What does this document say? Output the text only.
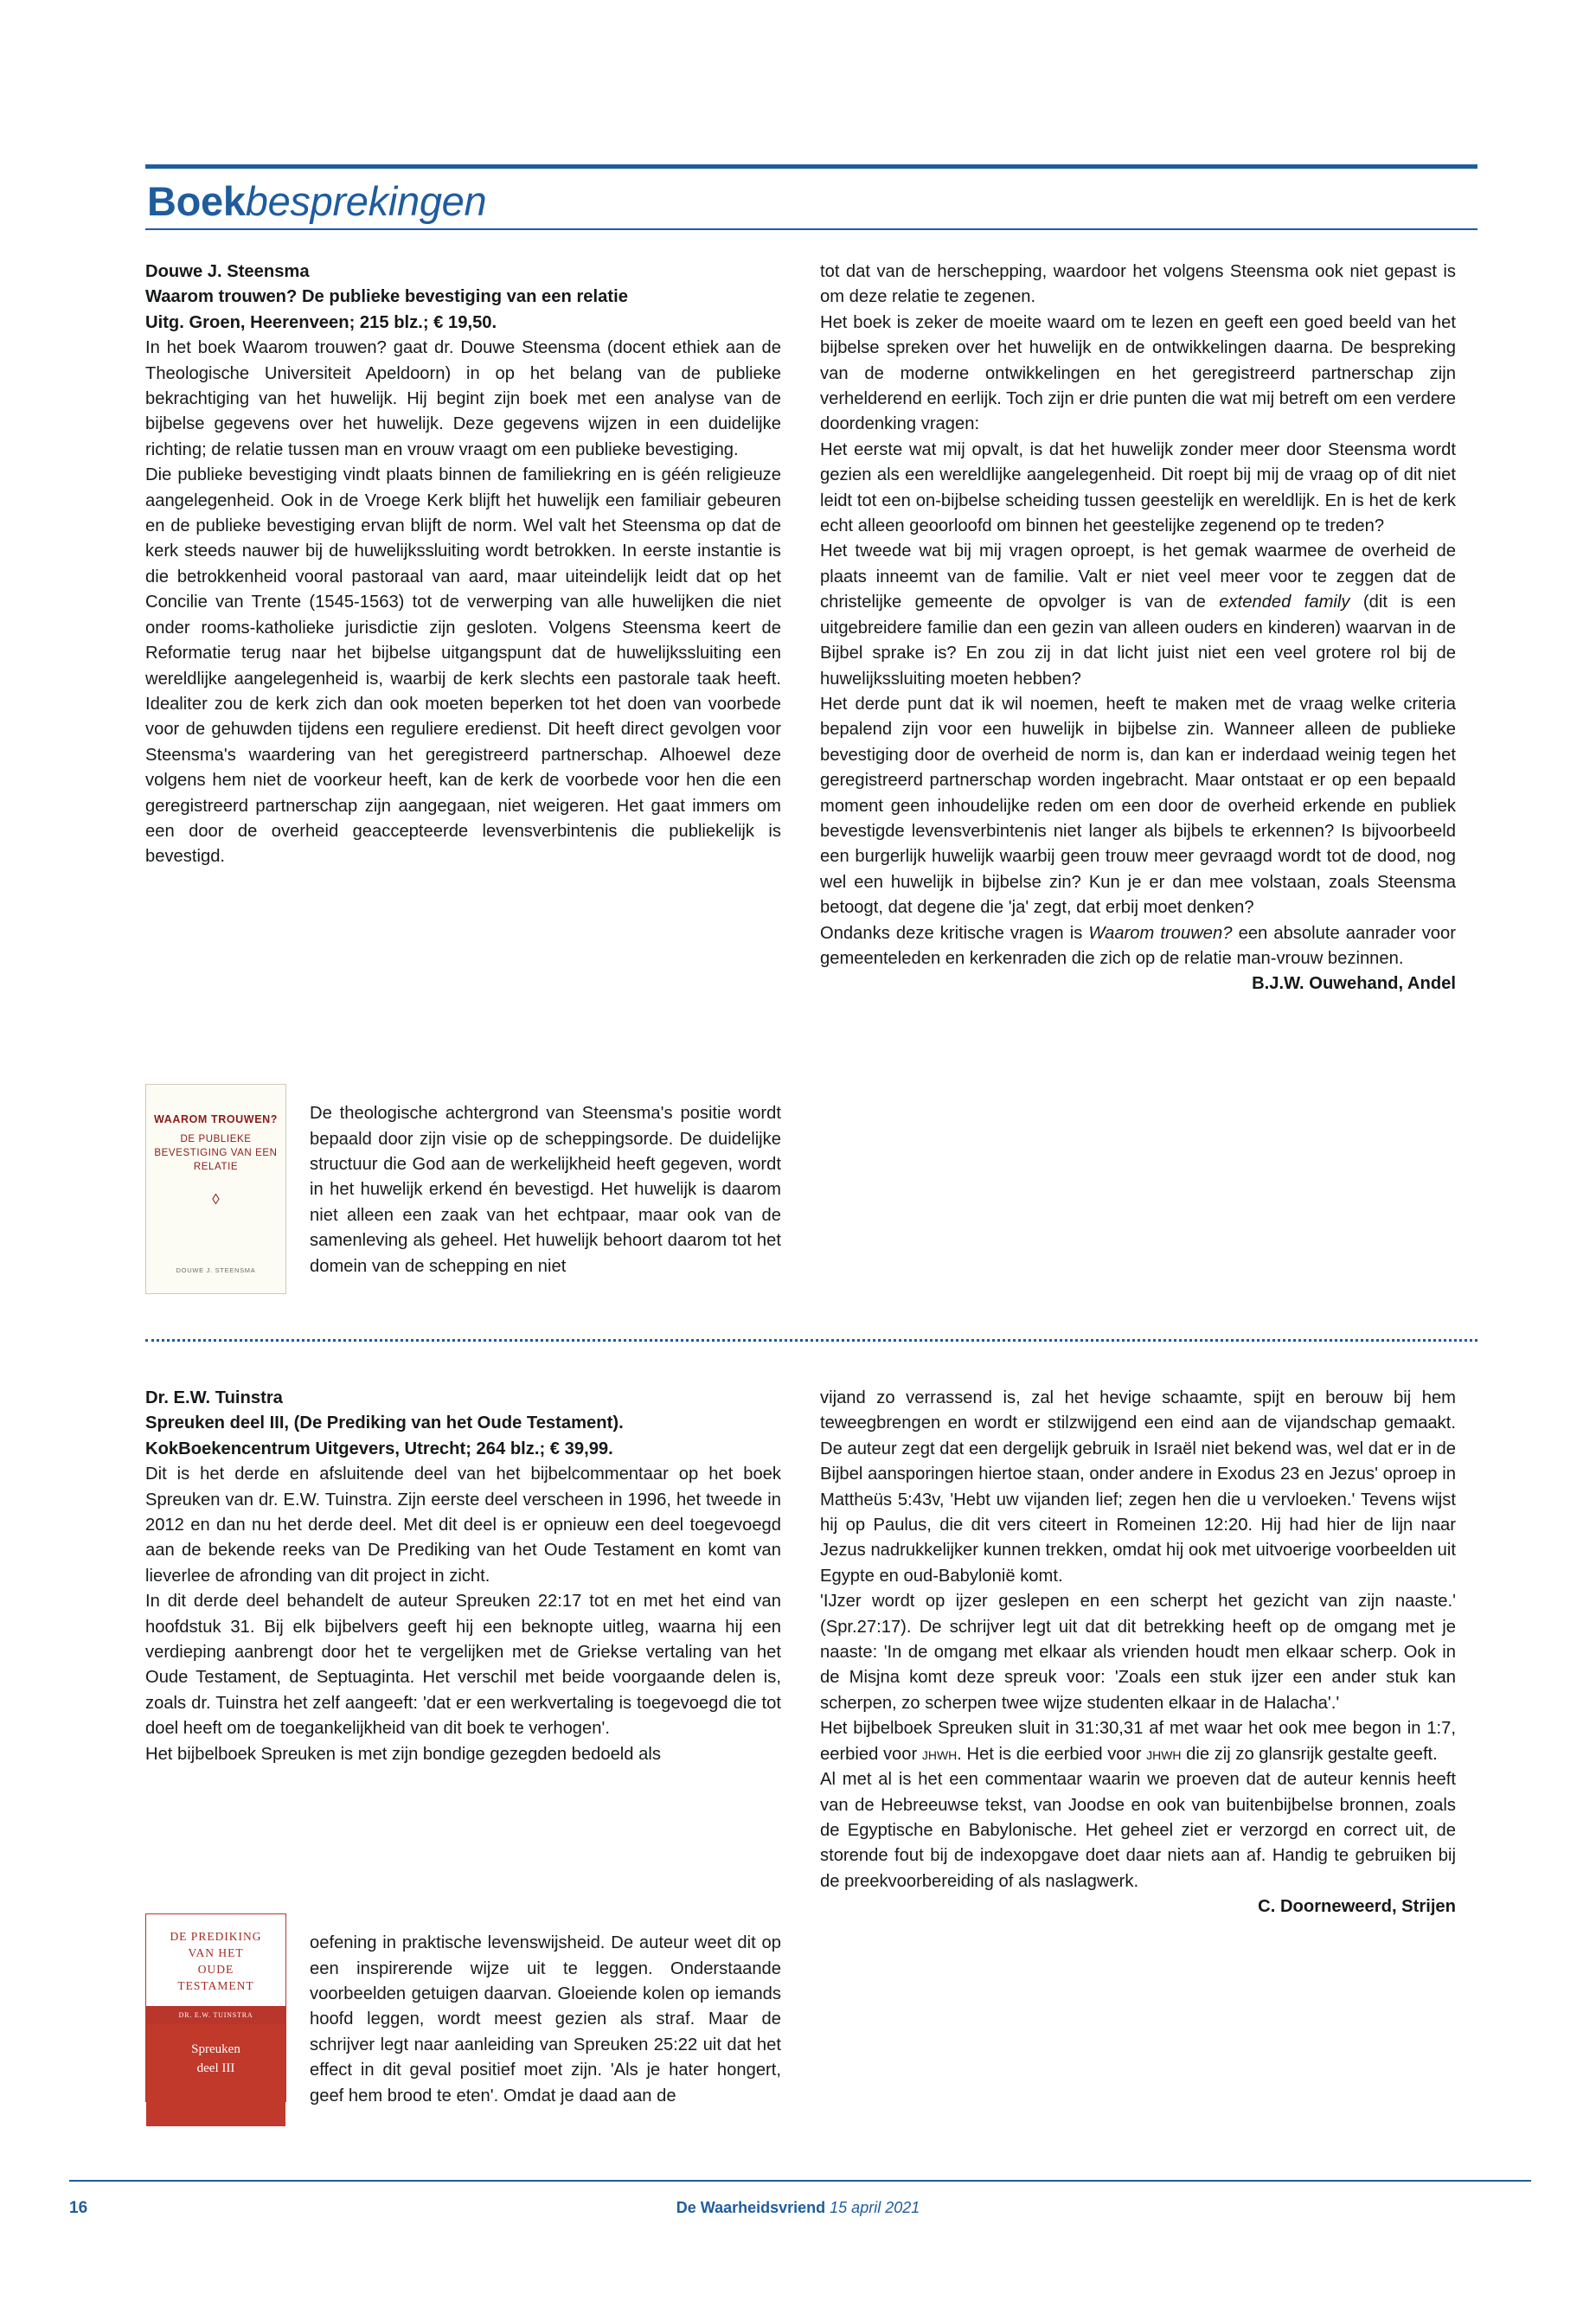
Boekbesprekingen

Douwe J. Steensma

Waarom trouwen? De publieke bevestiging van een relatie

Uitg. Groen, Heerenveen; 215 blz.; € 19,50.

In het boek Waarom trouwen? gaat dr. Douwe Steensma (docent ethiek aan de Theologische Universiteit Apeldoorn) in op het belang van de publieke bekrachtiging van het huwelijk. Hij begint zijn boek met een analyse van de bijbelse gegevens over het huwelijk. Deze gegevens wijzen in een duidelijke richting; de relatie tussen man en vrouw vraagt om een publieke bevestiging.

Die publieke bevestiging vindt plaats binnen de familiekring en is géén religieuze aangelegenheid. Ook in de Vroege Kerk blijft het huwelijk een familiair gebeuren en de publieke bevestiging ervan blijft de norm. Wel valt het Steensma op dat de kerk steeds nauwer bij de huwelijkssluiting wordt betrokken. In eerste instantie is die betrokkenheid vooral pastoraal van aard, maar uiteindelijk leidt dat op het Concilie van Trente (1545-1563) tot de verwerping van alle huwelijken die niet onder rooms-katholieke jurisdictie zijn gesloten. Volgens Steensma keert de Reformatie terug naar het bijbelse uitgangspunt dat de huwelijkssluiting een wereldlijke aangelegenheid is, waarbij de kerk slechts een pastorale taak heeft. Idealiter zou de kerk zich dan ook moeten beperken tot het doen van voorbede voor de gehuwden tijdens een reguliere eredienst. Dit heeft direct gevolgen voor Steensma's waardering van het geregistreerd partnerschap. Alhoewel deze volgens hem niet de voorkeur heeft, kan de kerk de voorbede voor hen die een geregistreerd partnerschap zijn aangegaan, niet weigeren. Het gaat immers om een door de overheid geaccepteerde levensverbintenis die publiekelijk is bevestigd.

De theologische achtergrond van Steensma's positie wordt bepaald door zijn visie op de scheppingsorde. De duidelijke structuur die God aan de werkelijkheid heeft gegeven, wordt in het huwelijk erkend én bevestigd. Het huwelijk is daarom niet alleen een zaak van het echtpaar, maar ook van de samenleving als geheel. Het huwelijk behoort daarom tot het domein van de schepping en niet

WAAROM TROUWEN?
DE PUBLIEKE BEVESTIGING VAN EEN RELATIE
◊
DOUWE J. STEENSMA

tot dat van de herschepping, waardoor het volgens Steensma ook niet gepast is om deze relatie te zegenen.

Het boek is zeker de moeite waard om te lezen en geeft een goed beeld van het bijbelse spreken over het huwelijk en de ontwikkelingen daarna. De bespreking van de moderne ontwikkelingen en het geregistreerd partnerschap zijn verhelderend en eerlijk. Toch zijn er drie punten die wat mij betreft om een verdere doordenking vragen:

Het eerste wat mij opvalt, is dat het huwelijk zonder meer door Steensma wordt gezien als een wereldlijke aangelegenheid. Dit roept bij mij de vraag op of dit niet leidt tot een on-bijbelse scheiding tussen geestelijk en wereldlijk. En is het de kerk echt alleen geoorloofd om binnen het geestelijke zegenend op te treden?

Het tweede wat bij mij vragen oproept, is het gemak waarmee de overheid de plaats inneemt van de familie. Valt er niet veel meer voor te zeggen dat de christelijke gemeente de opvolger is van de extended family (dit is een uitgebreidere familie dan een gezin van alleen ouders en kinderen) waarvan in de Bijbel sprake is? En zou zij in dat licht juist niet een veel grotere rol bij de huwelijkssluiting moeten hebben?

Het derde punt dat ik wil noemen, heeft te maken met de vraag welke criteria bepalend zijn voor een huwelijk in bijbelse zin. Wanneer alleen de publieke bevestiging door de overheid de norm is, dan kan er inderdaad weinig tegen het geregistreerd partnerschap worden ingebracht. Maar ontstaat er op een bepaald moment geen inhoudelijke reden om een door de overheid erkende en publiek bevestigde levensverbintenis niet langer als bijbels te erkennen? Is bijvoorbeeld een burgerlijk huwelijk waarbij geen trouw meer gevraagd wordt tot de dood, nog wel een huwelijk in bijbelse zin? Kun je er dan mee volstaan, zoals Steensma betoogt, dat degene die 'ja' zegt, dat erbij moet denken?

Ondanks deze kritische vragen is Waarom trouwen? een absolute aanrader voor gemeenteleden en kerkenraden die zich op de relatie man-vrouw bezinnen.

B.J.W. Ouwehand, Andel

Dr. E.W. Tuinstra

Spreuken deel III, (De Prediking van het Oude Testament).

KokBoekencentrum Uitgevers, Utrecht; 264 blz.; € 39,99.

Dit is het derde en afsluitende deel van het bijbelcommentaar op het boek Spreuken van dr. E.W. Tuinstra. Zijn eerste deel verscheen in 1996, het tweede in 2012 en dan nu het derde deel. Met dit deel is er opnieuw een deel toegevoegd aan de bekende reeks van De Prediking van het Oude Testament en komt van lieverlee de afronding van dit project in zicht.

In dit derde deel behandelt de auteur Spreuken 22:17 tot en met het eind van hoofdstuk 31. Bij elk bijbelvers geeft hij een beknopte uitleg, waarna hij een verdieping aanbrengt door het te vergelijken met de Griekse vertaling van het Oude Testament, de Septuaginta. Het verschil met beide voorgaande delen is, zoals dr. Tuinstra het zelf aangeeft: 'dat er een werkvertaling is toegevoegd die tot doel heeft om de toegankelijkheid van dit boek te verhogen'.

Het bijbelboek Spreuken is met zijn bondige gezegden bedoeld als

oefening in praktische levenswijsheid. De auteur weet dit op een inspirerende wijze uit te leggen. Onderstaande voorbeelden getuigen daarvan. Gloeiende kolen op iemands hoofd leggen, wordt meest gezien als straf. Maar de schrijver legt naar aanleiding van Spreuken 25:22 uit dat het effect in dit geval positief moet zijn. 'Als je hater hongert, geef hem brood te eten'. Omdat je daad aan de

DE PREDIKING
VAN HET
OUDE
TESTAMENT
DR. E.W. TUINSTRA
Spreuken
deel III

vijand zo verrassend is, zal het hevige schaamte, spijt en berouw bij hem teweegbrengen en wordt er stilzwijgend een eind aan de vijandschap gemaakt. De auteur zegt dat een dergelijk gebruik in Israël niet bekend was, wel dat er in de Bijbel aansporingen hiertoe staan, onder andere in Exodus 23 en Jezus' oproep in Mattheüs 5:43v, 'Hebt uw vijanden lief; zegen hen die u vervloeken.' Tevens wijst hij op Paulus, die dit vers citeert in Romeinen 12:20. Hij had hier de lijn naar Jezus nadrukkelijker kunnen trekken, omdat hij ook met uitvoerige voorbeelden uit Egypte en oud-Babyloniё komt.

'IJzer wordt op ijzer geslepen en een scherpt het gezicht van zijn naaste.' (Spr.27:17). De schrijver legt uit dat dit betrekking heeft op de omgang met je naaste: 'In de omgang met elkaar als vrienden houdt men elkaar scherp. Ook in de Misjna komt deze spreuk voor: 'Zoals een stuk ijzer een ander stuk kan scherpen, zo scherpen twee wijze studenten elkaar in de Halacha'.'

Het bijbelboek Spreuken sluit in 31:30,31 af met waar het ook mee begon in 1:7, eerbied voor jhwh. Het is die eerbied voor jhwh die zij zo glansrijk gestalte geeft.

Al met al is het een commentaar waarin we proeven dat de auteur kennis heeft van de Hebreeuwse tekst, van Joodse en ook van buitenbijbelse bronnen, zoals de Egyptische en Babylonische. Het geheel ziet er verzorgd en correct uit, de storende fout bij de indexopgave doet daar niets aan af. Handig te gebruiken bij de preekvoorbereiding of als naslagwerk.

C. Doorneweerd, Strijen

16	De Waarheidsvriend 15 april 2021
